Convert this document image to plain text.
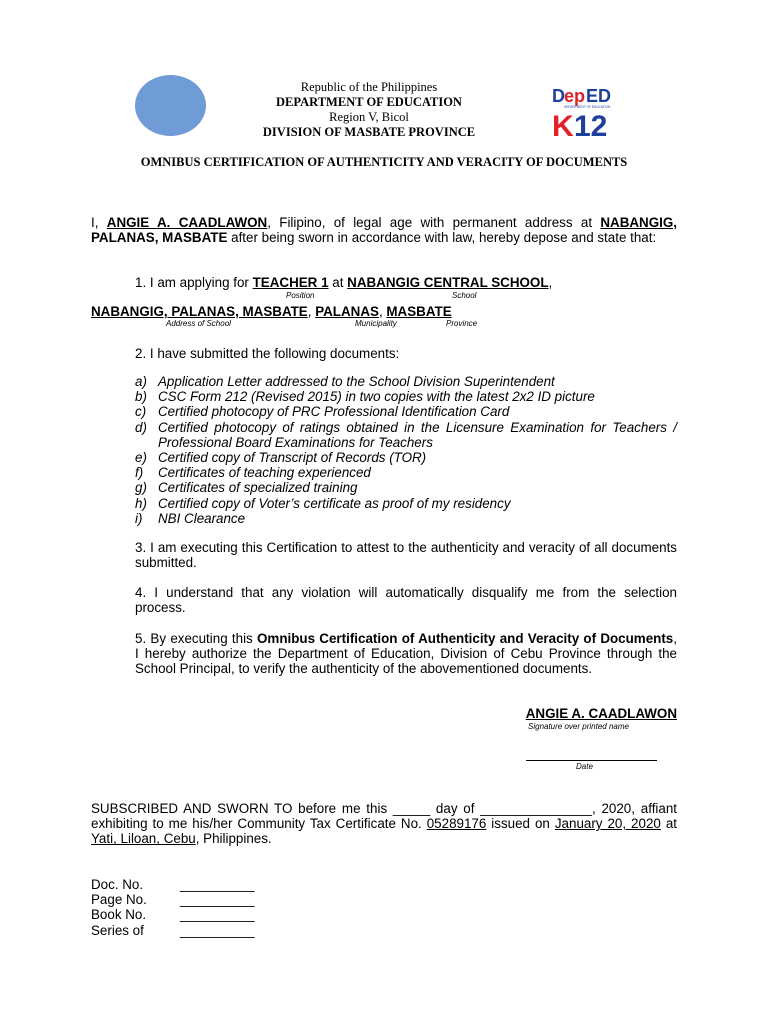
Republic of the Philippines
DEPARTMENT OF EDUCATION
Region V, Bicol
DIVISION OF MASBATE PROVINCE
D ep ED
DEPARTMENT OF EDUCATION
K 12
OMNIBUS CERTIFICATION OF AUTHENTICITY AND VERACITY OF DOCUMENTS
I, ANGIE A. CAADLAWON, Filipino, of legal age with permanent address at NABANGIG, PALANAS, MASBATE after being sworn in accordance with law, hereby depose and state that:
1. I am applying for TEACHER 1 at NABANGIG CENTRAL SCHOOL,
Position	School
NABANGIG, PALANAS, MASBATE, PALANAS, MASBATE
Address of School	Municipality	Province
2. I have submitted the following documents:
a) Application Letter addressed to the School Division Superintendent
b) CSC Form 212 (Revised 2015) in two copies with the latest 2x2 ID picture
c) Certified photocopy of PRC Professional Identification Card
d) Certified photocopy of ratings obtained in the Licensure Examination for Teachers / Professional Board Examinations for Teachers
e) Certified copy of Transcript of Records (TOR)
f)	Certificates of teaching experienced
g) Certificates of specialized training
h) Certified copy of Voter’s certificate as proof of my residency
i)	NBI Clearance
3. I am executing this Certification to attest to the authenticity and veracity of all documents submitted.
4. I understand that any violation will automatically disqualify me from the selection process.
5. By executing this Omnibus Certification of Authenticity and Veracity of Documents, I hereby authorize the Department of Education, Division of Cebu Province through the School Principal, to verify the authenticity of the abovementioned documents.
ANGIE A. CAADLAWON
Signature over printed name
Date
SUBSCRIBED AND SWORN TO before me this _____ day of _______________, 2020, affiant exhibiting to me his/her Community Tax Certificate No. 05289176 issued on January 20, 2020 at Yati, Liloan, Cebu, Philippines.
Doc. No.	__________
Page No.	__________
Book No.	__________
Series of	__________
